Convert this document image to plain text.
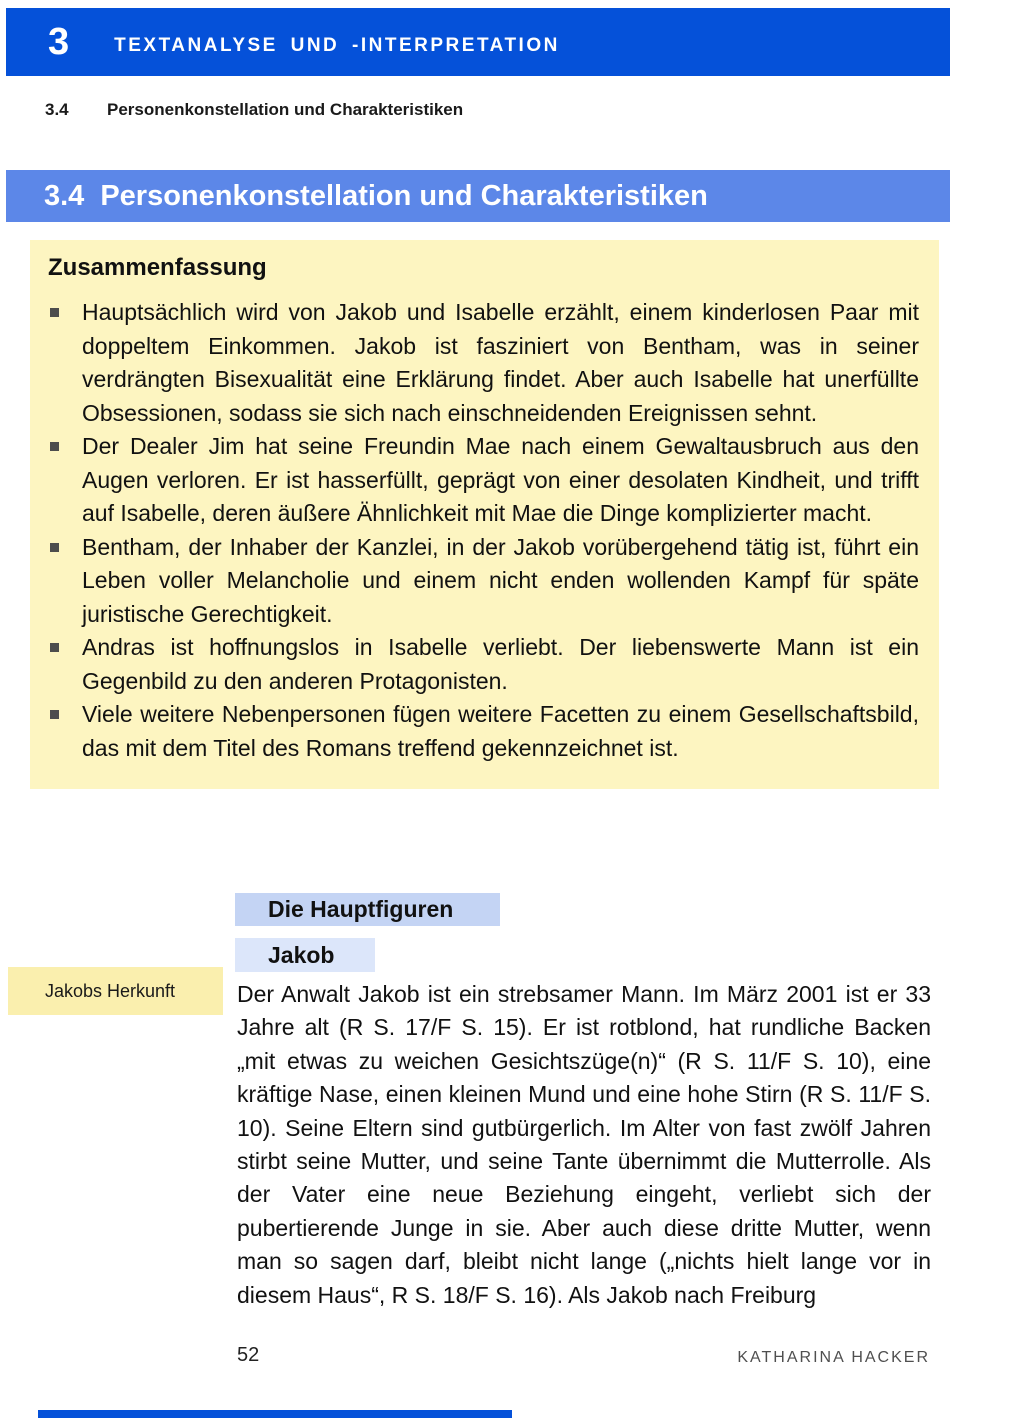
3 TEXTANALYSE UND -INTERPRETATION
3.4	Personenkonstellation und Charakteristiken
3.4 Personenkonstellation und Charakteristiken
Zusammenfassung
Hauptsächlich wird von Jakob und Isabelle erzählt, einem kinderlosen Paar mit doppeltem Einkommen. Jakob ist fasziniert von Bentham, was in seiner verdrängten Bisexualität eine Erklärung findet. Aber auch Isabelle hat unerfüllte Obsessionen, sodass sie sich nach einschneidenden Ereignissen sehnt.
Der Dealer Jim hat seine Freundin Mae nach einem Gewaltausbruch aus den Augen verloren. Er ist hasserfüllt, geprägt von einer desolaten Kindheit, und trifft auf Isabelle, deren äußere Ähnlichkeit mit Mae die Dinge komplizierter macht.
Bentham, der Inhaber der Kanzlei, in der Jakob vorübergehend tätig ist, führt ein Leben voller Melancholie und einem nicht enden wollenden Kampf für späte juristische Gerechtigkeit.
Andras ist hoffnungslos in Isabelle verliebt. Der liebenswerte Mann ist ein Gegenbild zu den anderen Protagonisten.
Viele weitere Nebenpersonen fügen weitere Facetten zu einem Gesellschaftsbild, das mit dem Titel des Romans treffend gekennzeichnet ist.
Die Hauptfiguren
Jakob
Jakobs Herkunft	Der Anwalt Jakob ist ein strebsamer Mann. Im März 2001 ist er 33 Jahre alt (R S. 17/F S. 15). Er ist rotblond, hat rundliche Backen „mit etwas zu weichen Gesichtszüge(n)“ (R S. 11/F S. 10), eine kräftige Nase, einen kleinen Mund und eine hohe Stirn (R S. 11/F S. 10). Seine Eltern sind gutbürgerlich. Im Alter von fast zwölf Jahren stirbt seine Mutter, und seine Tante übernimmt die Mutterrolle. Als der Vater eine neue Beziehung eingeht, verliebt sich der pubertierende Junge in sie. Aber auch diese dritte Mutter, wenn man so sagen darf, bleibt nicht lange („nichts hielt lange vor in diesem Haus“, R S. 18/F S. 16). Als Jakob nach Freiburg
52	KATHARINA HACKER
